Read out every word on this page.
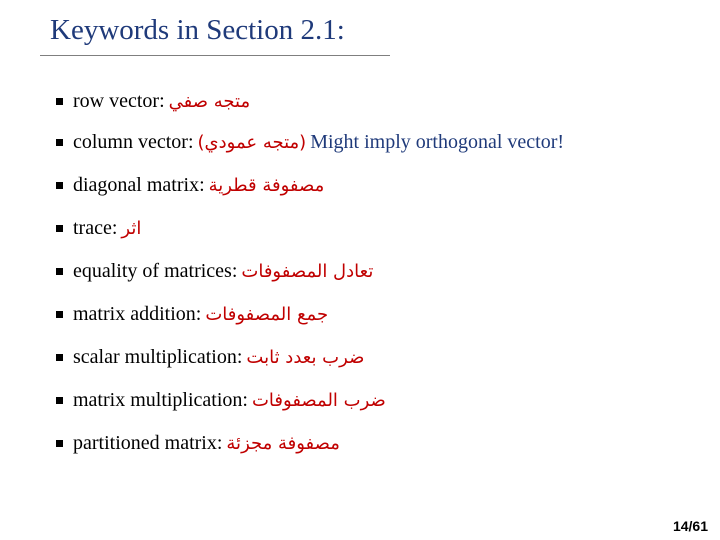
Keywords in Section 2.1:
row vector: متجه صفي
column vector: (متجه عمودي) Might imply orthogonal vector!
diagonal matrix: مصفوفة قطرية
trace: اثر
equality of matrices: تعادل المصفوفات
matrix addition: جمع المصفوفات
scalar multiplication: ضرب بعدد ثابت
matrix multiplication: ضرب المصفوفات
partitioned matrix: مصفوفة مجزئة
14/61
